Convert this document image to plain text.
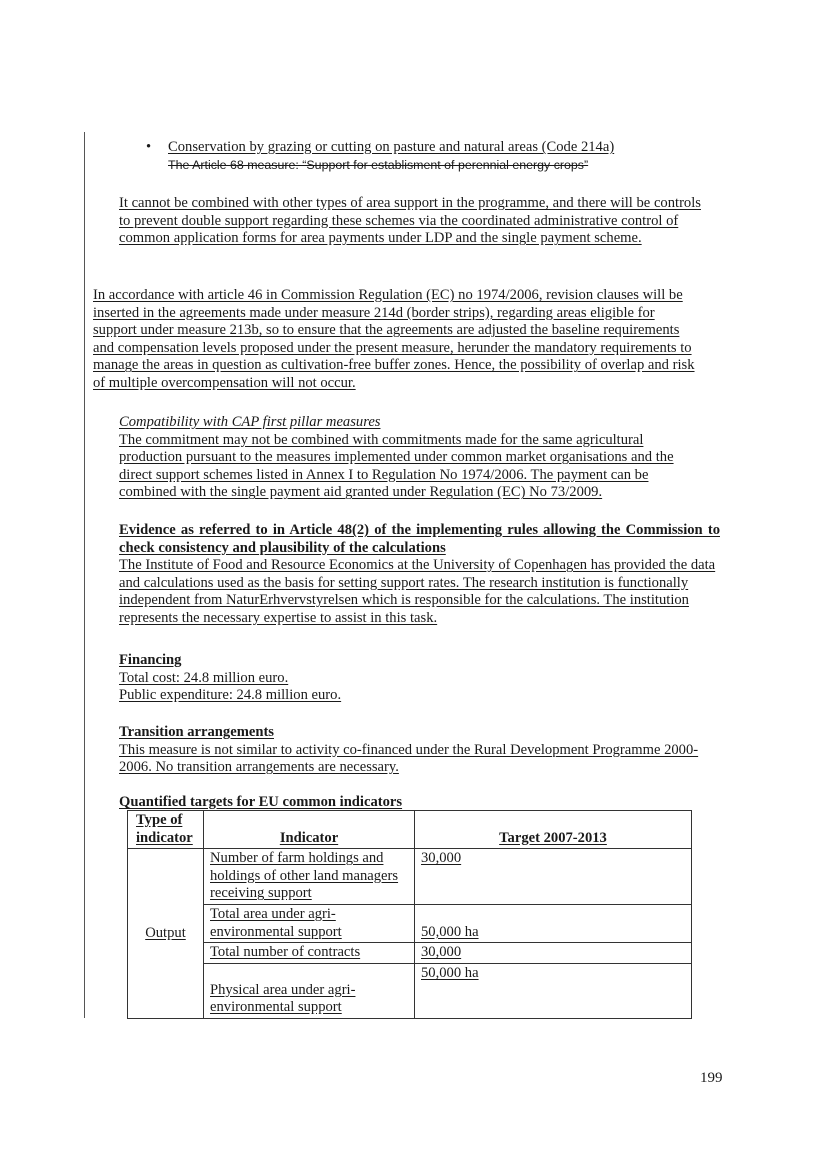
• Conservation by grazing or cutting on pasture and natural areas (Code 214a)
The Article 68 measure: “Support for establisment of perennial energy crops”

It cannot be combined with other types of area support in the programme, and there will be controls to prevent double support regarding these schemes via the coordinated administrative control of common application forms for area payments under LDP and the single payment scheme.

In accordance with article 46 in Commission Regulation (EC) no 1974/2006, revision clauses will be inserted in the agreements made under measure 214d (border strips), regarding areas eligible for support under measure 213b, so to ensure that the agreements are adjusted the baseline requirements and compensation levels proposed under the present measure, herunder the mandatory requirements to manage the areas in question as cultivation-free buffer zones. Hence, the possibility of overlap and risk of multiple overcompensation will not occur.

Compatibility with CAP first pillar measures

The commitment may not be combined with commitments made for the same agricultural production pursuant to the measures implemented under common market organisations and the direct support schemes listed in Annex I to Regulation No 1974/2006. The payment can be combined with the single payment aid granted under Regulation (EC) No 73/2009.

Evidence as referred to in Article 48(2) of the implementing rules allowing the Commission to check consistency and plausibility of the calculations

The Institute of Food and Resource Economics at the University of Copenhagen has provided the data and calculations used as the basis for setting support rates. The research institution is functionally independent from NaturErhvervstyrelsen which is responsible for the calculations. The institution represents the necessary expertise to assist in this task.

Financing

Total cost: 24.8 million euro.

Public expenditure: 24.8 million euro.

Transition arrangements

This measure is not similar to activity co-financed under the Rural Development Programme 2000-2006. No transition arrangements are necessary.

Quantified targets for EU common indicators

Type of indicator	Indicator	Target 2007-2013
Output	Number of farm holdings and holdings of other land managers receiving support	30,000
	Total area under agri-environmental support	50,000 ha
	Total number of contracts	30,000
	Physical area under agri-environmental support	50,000 ha
199
